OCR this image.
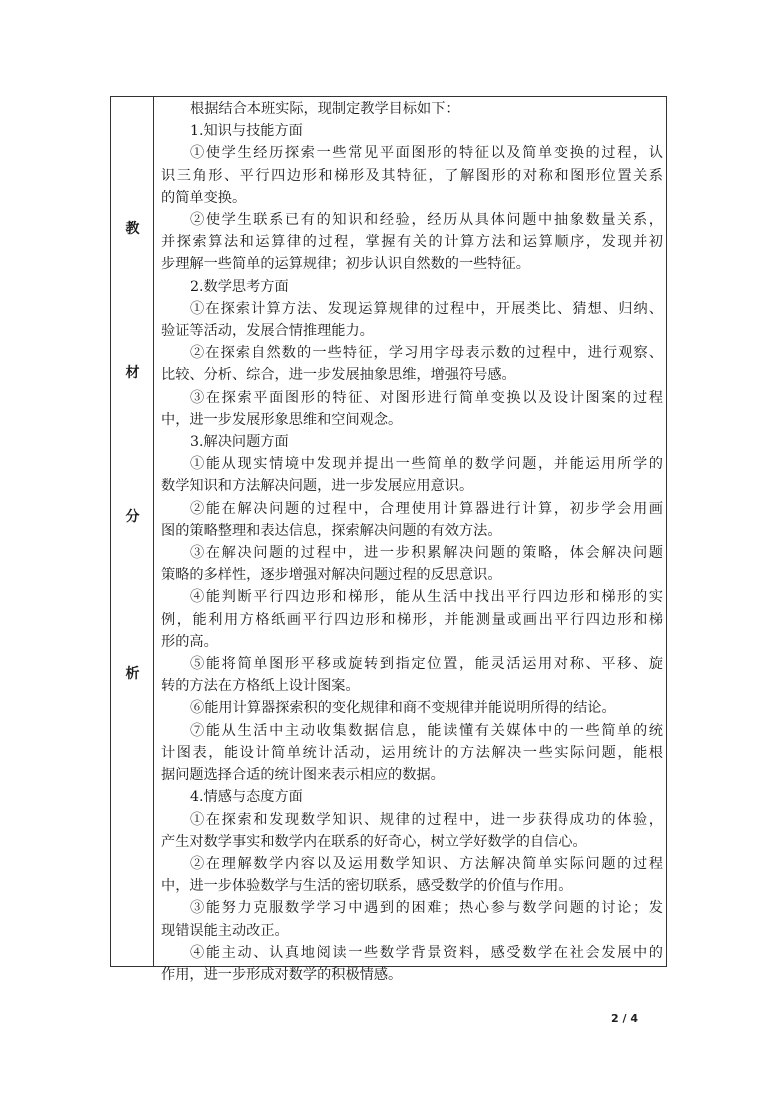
教
材
分
析
根据结合本班实际，现制定教学目标如下：
1.知识与技能方面
①使学生经历探索一些常见平面图形的特征以及简单变换的过程，认
识三角形、平行四边形和梯形及其特征，了解图形的对称和图形位置关系
的简单变换。
②使学生联系已有的知识和经验，经历从具体问题中抽象数量关系，
并探索算法和运算律的过程，掌握有关的计算方法和运算顺序，发现并初
步理解一些简单的运算规律；初步认识自然数的一些特征。
2.数学思考方面
①在探索计算方法、发现运算规律的过程中，开展类比、猜想、归纳、
验证等活动，发展合情推理能力。
②在探索自然数的一些特征，学习用字母表示数的过程中，进行观察、
比较、分析、综合，进一步发展抽象思维，增强符号感。
③在探索平面图形的特征、对图形进行简单变换以及设计图案的过程
中，进一步发展形象思维和空间观念。
3.解决问题方面
①能从现实情境中发现并提出一些简单的数学问题，并能运用所学的
数学知识和方法解决问题，进一步发展应用意识。
②能在解决问题的过程中，合理使用计算器进行计算，初步学会用画
图的策略整理和表达信息，探索解决问题的有效方法。
③在解决问题的过程中，进一步积累解决问题的策略，体会解决问题
策略的多样性，逐步增强对解决问题过程的反思意识。
④能判断平行四边形和梯形，能从生活中找出平行四边形和梯形的实
例，能利用方格纸画平行四边形和梯形，并能测量或画出平行四边形和梯
形的高。
⑤能将简单图形平移或旋转到指定位置，能灵活运用对称、平移、旋
转的方法在方格纸上设计图案。
⑥能用计算器探索积的变化规律和商不变规律并能说明所得的结论。
⑦能从生活中主动收集数据信息，能读懂有关媒体中的一些简单的统
计图表，能设计简单统计活动，运用统计的方法解决一些实际问题，能根
据问题选择合适的统计图来表示相应的数据。
4.情感与态度方面
①在探索和发现数学知识、规律的过程中，进一步获得成功的体验，
产生对数学事实和数学内在联系的好奇心，树立学好数学的自信心。
②在理解数学内容以及运用数学知识、方法解决简单实际问题的过程
中，进一步体验数学与生活的密切联系，感受数学的价值与作用。
③能努力克服数学学习中遇到的困难；热心参与数学问题的讨论；发
现错误能主动改正。
④能主动、认真地阅读一些数学背景资料，感受数学在社会发展中的
作用，进一步形成对数学的积极情感。
2 / 4
